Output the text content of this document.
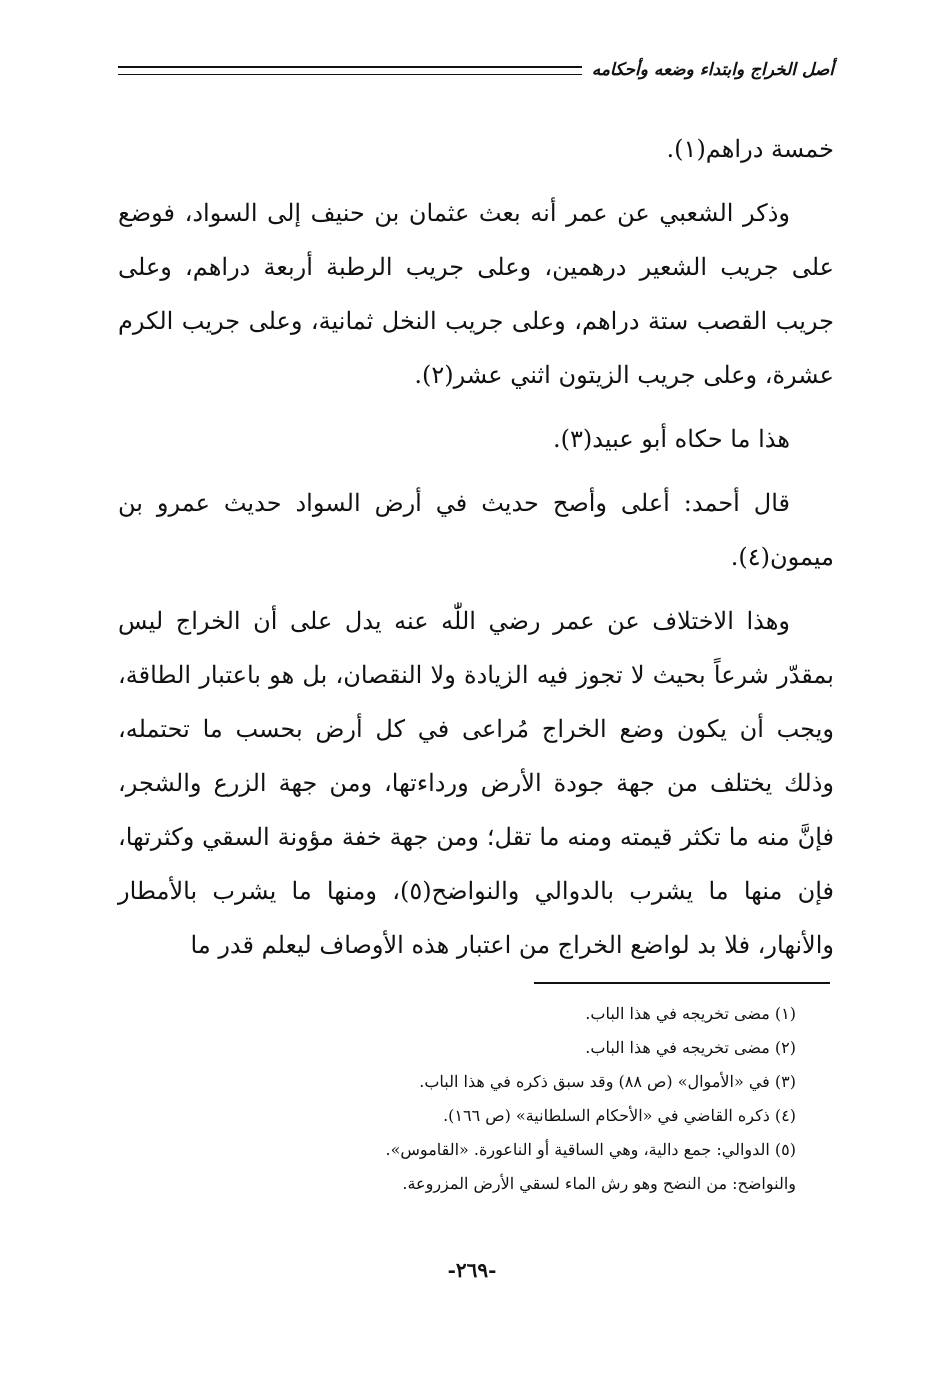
أصل الخراج وابتداء وضعه وأحكامه

خمسة دراهم(١).

وذكر الشعبي عن عمر أنه بعث عثمان بن حنيف إلى السواد، فوضع على جريب الشعير درهمين، وعلى جريب الرطبة أربعة دراهم، وعلى جريب القصب ستة دراهم، وعلى جريب النخل ثمانية، وعلى جريب الكرم عشرة، وعلى جريب الزيتون اثني عشر(٢).

هذا ما حكاه أبو عبيد(٣).

قال أحمد: أعلى وأصح حديث في أرض السواد حديث عمرو بن ميمون(٤).

وهذا الاختلاف عن عمر رضي اللّٰه عنه يدل على أن الخراج ليس بمقدّر شرعاً بحيث لا تجوز فيه الزيادة ولا النقصان، بل هو باعتبار الطاقة، ويجب أن يكون وضع الخراج مُراعى في كل أرض بحسب ما تحتمله، وذلك يختلف من جهة جودة الأرض ورداءتها، ومن جهة الزرع والشجر، فإنَّ منه ما تكثر قيمته ومنه ما تقل؛ ومن جهة خفة مؤونة السقي وكثرتها، فإن منها ما يشرب بالدوالي والنواضح(٥)، ومنها ما يشرب بالأمطار والأنهار، فلا بد لواضع الخراج من اعتبار هذه الأوصاف ليعلم قدر ما

(١) مضى تخريجه في هذا الباب.
(٢) مضى تخريجه في هذا الباب.
(٣) في «الأموال» (ص ٨٨) وقد سبق ذكره في هذا الباب.
(٤) ذكره القاضي في «الأحكام السلطانية» (ص ١٦٦).
(٥) الدوالي: جمع دالية، وهي الساقية أو الناعورة. «القاموس».
والنواضح: من النضح وهو رش الماء لسقي الأرض المزروعة.
-٢٦٩-
